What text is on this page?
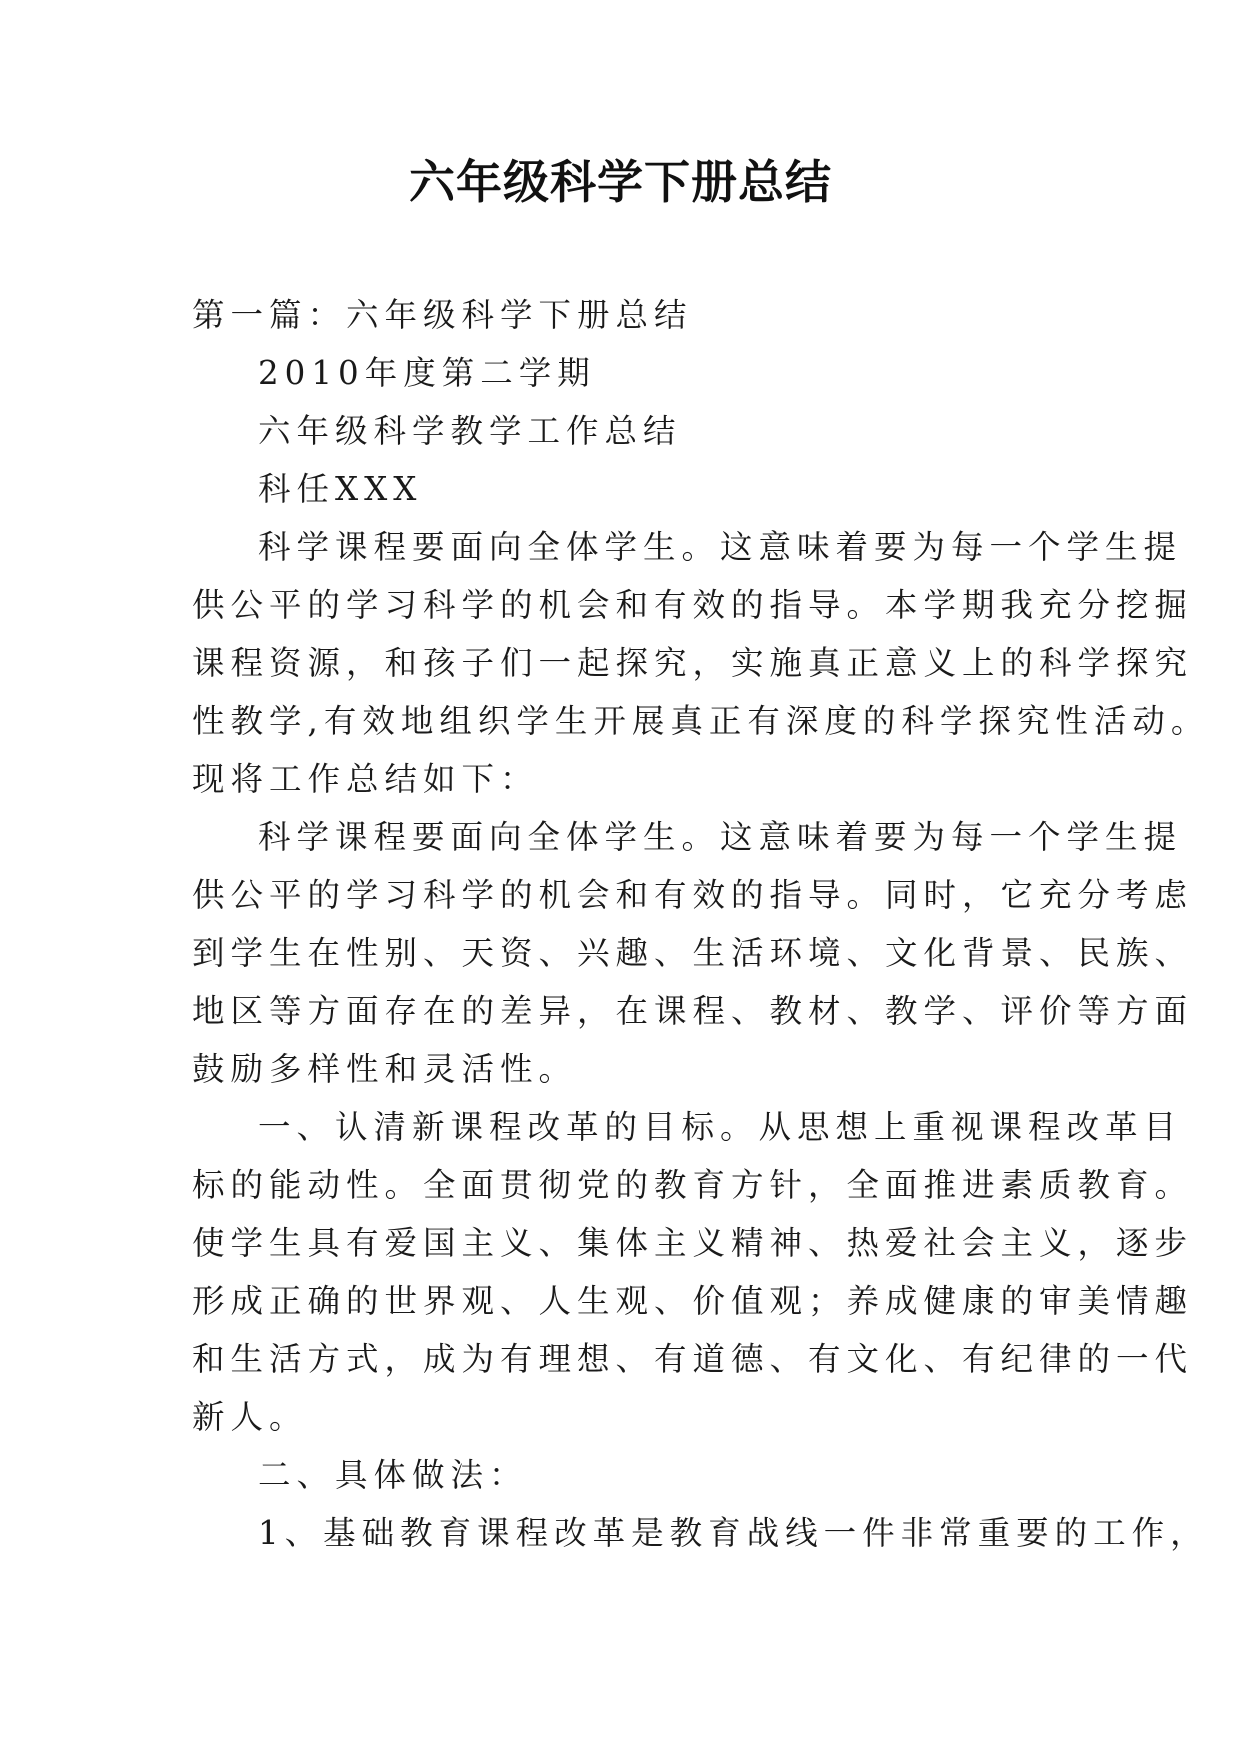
六年级科学下册总结

第一篇：六年级科学下册总结

2010年度第二学期

六年级科学教学工作总结

科任XXX

科学课程要面向全体学生。这意味着要为每一个学生提
供公平的学习科学的机会和有效的指导。本学期我充分挖掘
课程资源，和孩子们一起探究，实施真正意义上的科学探究
性教学,有效地组织学生开展真正有深度的科学探究性活动。
现将工作总结如下：
科学课程要面向全体学生。这意味着要为每一个学生提
供公平的学习科学的机会和有效的指导。同时，它充分考虑
到学生在性别、天资、兴趣、生活环境、文化背景、民族、
地区等方面存在的差异，在课程、教材、教学、评价等方面
鼓励多样性和灵活性。
一、认清新课程改革的目标。从思想上重视课程改革目
标的能动性。全面贯彻党的教育方针，全面推进素质教育。
使学生具有爱国主义、集体主义精神、热爱社会主义，逐步
形成正确的世界观、人生观、价值观；养成健康的审美情趣
和生活方式，成为有理想、有道德、有文化、有纪律的一代
新人。

二、具体做法：

1、基础教育课程改革是教育战线一件非常重要的工作，
